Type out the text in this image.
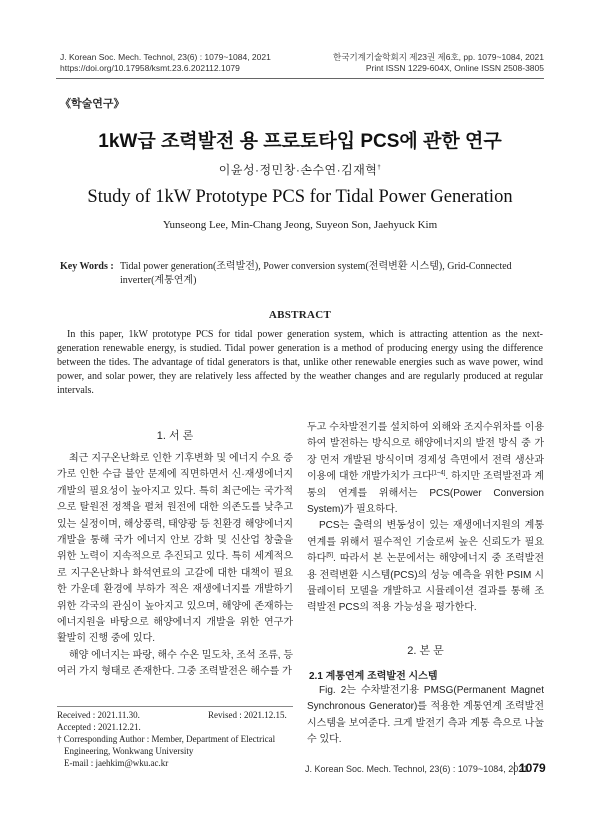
J. Korean Soc. Mech. Technol, 23(6) : 1079~1084, 2021
https://doi.org/10.17958/ksmt.23.6.202112.1079
한국기계기술학회지 제23권 제6호, pp. 1079~1084, 2021
Print ISSN 1229-604X, Online ISSN 2508-3805
《학술연구》
1kW급 조력발전 용 프로토타입 PCS에 관한 연구
이윤성·정민창·손수연·김재혁†
Study of 1kW Prototype PCS for Tidal Power Generation
Yunseong Lee, Min-Chang Jeong, Suyeon Son, Jaehyuck Kim
Key Words : Tidal power generation(조력발전), Power conversion system(전력변환 시스템), Grid-Connected inverter(계통연계)
ABSTRACT
In this paper, 1kW prototype PCS for tidal power generation system, which is attracting attention as the next-generation renewable energy, is studied. Tidal power generation is a method of producing energy using the difference between the tides. The advantage of tidal generators is that, unlike other renewable energies such as wave power, wind power, and solar power, they are relatively less affected by the weather changes and are regularly produced at regular intervals.
1. 서 론

최근 지구온난화로 인한 기후변화 및 에너지 수요 증가로 인한 수급 불안 문제에 직면하면서 신·재생에너지 개발의 필요성이 높아지고 있다. 특히 최근에는 국가적으로 탈원전 정책을 펼쳐 원전에 대한 의존도를 낮추고 있는 실정이며, 해상풍력, 태양광 등 친환경 해양에너지 개발을 통해 국가 에너지 안보 강화 및 신산업 창출을 위한 노력이 지속적으로 추진되고 있다. 특히 세계적으로 지구온난화나 화석연료의 고갈에 대한 대책이 필요한 가운데 환경에 부하가 적은 재생에너지를 개발하기 위한 각국의 관심이 높아지고 있으며, 해양에 존재하는 에너지원을 바탕으로 해양에너지 개발을 위한 연구가 활발히 진행 중에 있다.

해양 에너지는 파랑, 해수 수온 밀도차, 조석 조류, 등 여러 가지 형태로 존재한다. 그중 조력발전은 해수를 가

Received : 2021.11.30.	Revised : 2021.12.15.
Accepted : 2021.12.21.
† Corresponding Author : Member, Department of Electrical
Engineering, Wonkwang University
E-mail : jaehkim@wku.ac.kr

두고 수차발전기를 설치하여 외해와 조지수위차를 이용하여 발전하는 방식으로 해양에너지의 발전 방식 중 가장 먼저 개발된 방식이며 경제성 측면에서 전력 생산과 이용에 대한 개발가치가 크다[1~4]. 하지만 조력발전과 계통의 연계를 위해서는 PCS(Power Conversion System)가 필요하다.

PCS는 출력의 변동성이 있는 재생에너지원의 계통연계를 위해서 필수적인 기술로써 높은 신뢰도가 필요하다[5]. 따라서 본 논문에서는 해양에너지 중 조력발전용 전력변환 시스템(PCS)의 성능 예측을 위한 PSIM 시뮬레이터 모델을 개발하고 시뮬레이션 결과를 통해 조력발전 PCS의 적용 가능성을 평가한다.

2. 본 문
2.1 계통연계 조력발전 시스템

Fig. 2는 수차발전기용 PMSG(Permanent Magnet Synchronous Generator)를 적용한 계통연계 조력발전 시스템을 보여준다. 크게 발전기 측과 계통 측으로 나눌 수 있다.

J. Korean Soc. Mech. Technol, 23(6) : 1079~1084, 2021
1079
